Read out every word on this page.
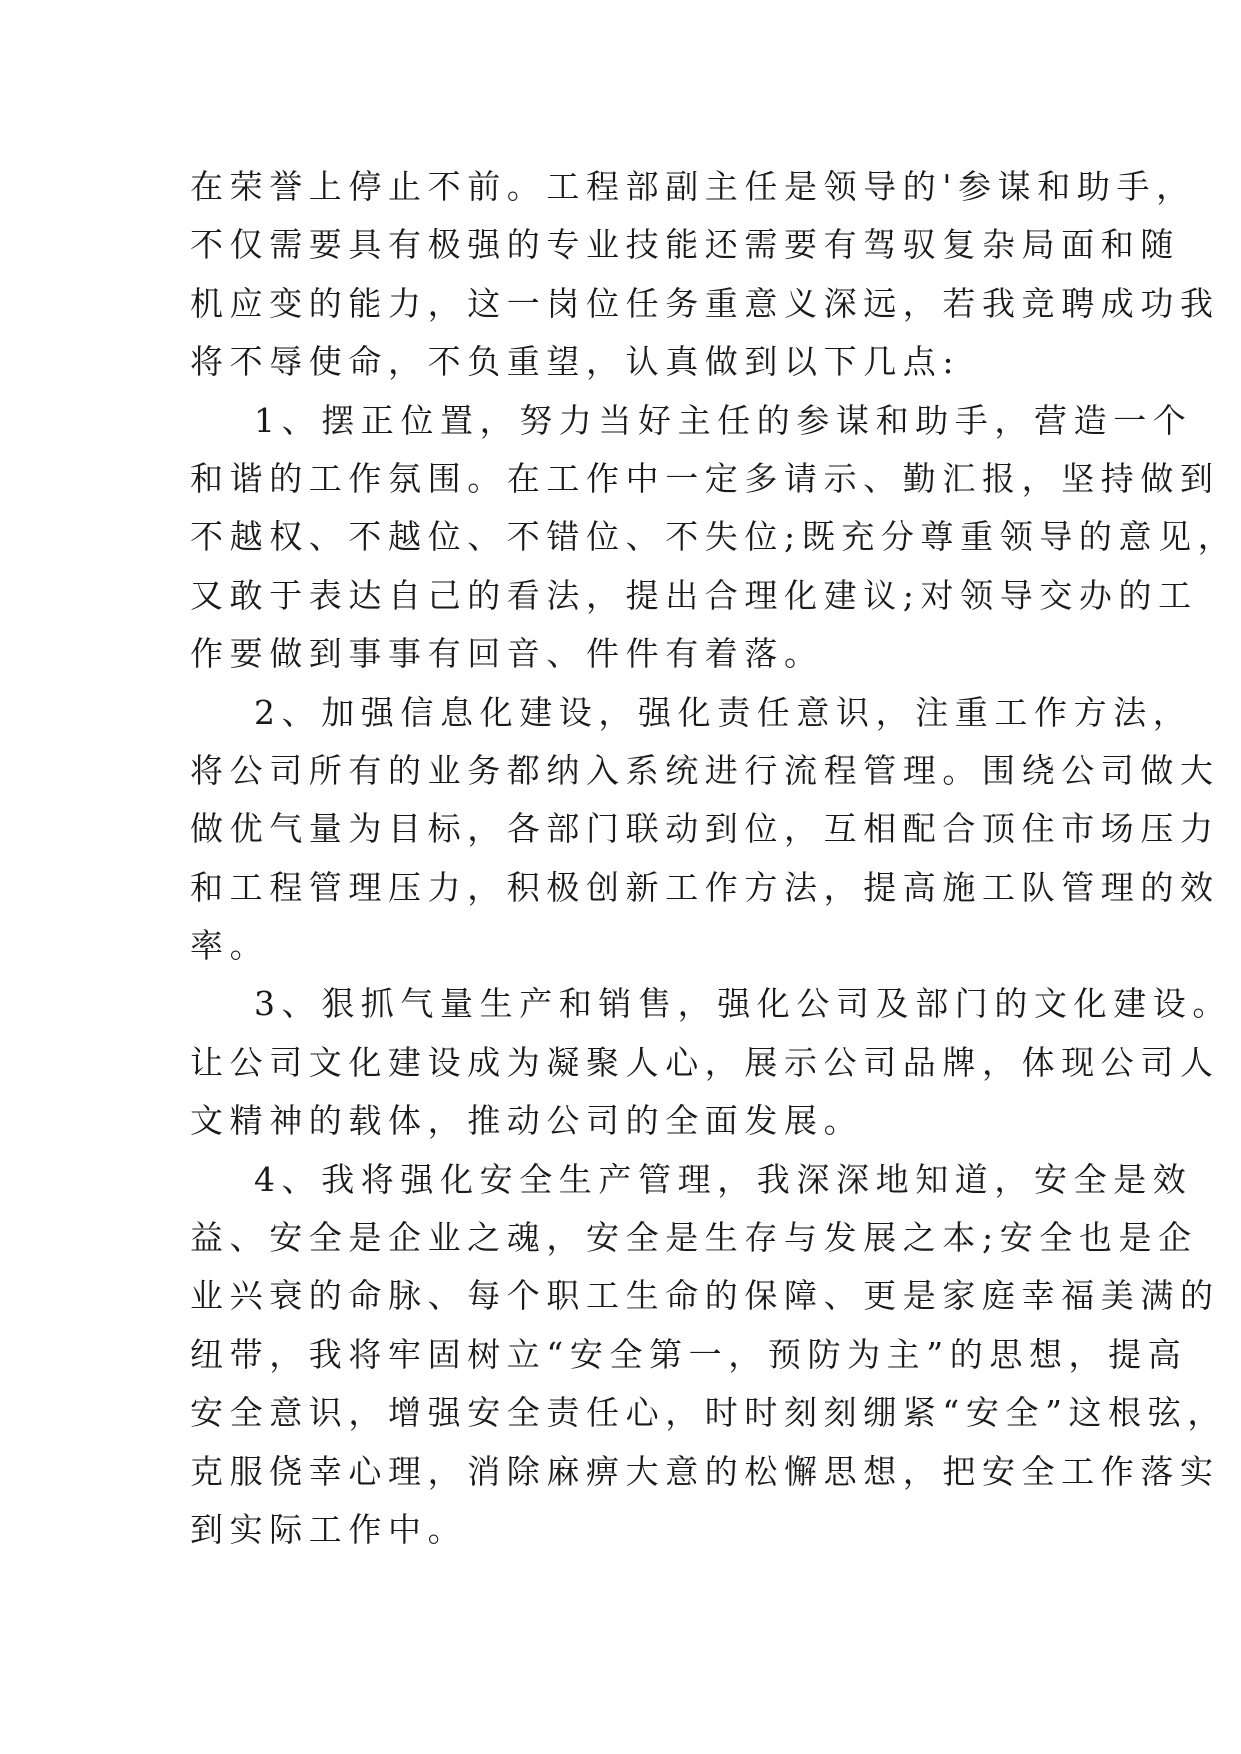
在荣誉上停止不前。工程部副主任是领导的'参谋和助手，
不仅需要具有极强的专业技能还需要有驾驭复杂局面和随
机应变的能力，这一岗位任务重意义深远，若我竞聘成功我
将不辱使命，不负重望，认真做到以下几点:
1、摆正位置，努力当好主任的参谋和助手，营造一个
和谐的工作氛围。在工作中一定多请示、勤汇报，坚持做到
不越权、不越位、不错位、不失位;既充分尊重领导的意见，
又敢于表达自己的看法，提出合理化建议;对领导交办的工
作要做到事事有回音、件件有着落。
2、加强信息化建设，强化责任意识，注重工作方法，
将公司所有的业务都纳入系统进行流程管理。围绕公司做大
做优气量为目标，各部门联动到位，互相配合顶住市场压力
和工程管理压力，积极创新工作方法，提高施工队管理的效
率。
3、狠抓气量生产和销售，强化公司及部门的文化建设。
让公司文化建设成为凝聚人心，展示公司品牌，体现公司人
文精神的载体，推动公司的全面发展。
4、我将强化安全生产管理，我深深地知道，安全是效
益、安全是企业之魂，安全是生存与发展之本;安全也是企
业兴衰的命脉、每个职工生命的保障、更是家庭幸福美满的
纽带，我将牢固树立“安全第一，预防为主”的思想，提高
安全意识，增强安全责任心，时时刻刻绷紧“安全”这根弦，
克服侥幸心理，消除麻痹大意的松懈思想，把安全工作落实
到实际工作中。
